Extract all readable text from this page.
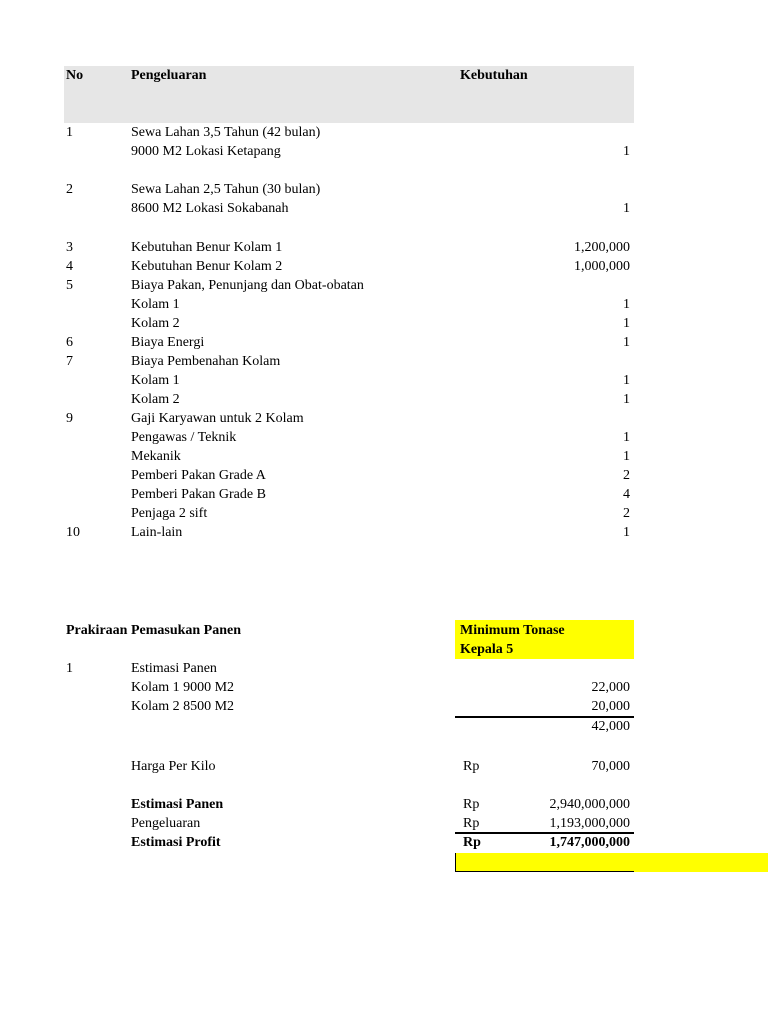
No	Pengeluaran	Kebutuhan
1	Sewa Lahan 3,5 Tahun (42 bulan)
9000 M2 Lokasi Ketapang	1
2	Sewa Lahan 2,5 Tahun (30 bulan)
8600 M2 Lokasi Sokabanah	1
3	Kebutuhan Benur Kolam 1	1,200,000
4	Kebutuhan Benur Kolam 2	1,000,000
5	Biaya Pakan, Penunjang dan Obat-obatan
Kolam 1	1
Kolam 2	1
6	Biaya Energi	1
7	Biaya Pembenahan Kolam
Kolam 1	1
Kolam 2	1
9	Gaji Karyawan untuk 2 Kolam
Pengawas / Teknik	1
Mekanik	1
Pemberi Pakan Grade A	2
Pemberi Pakan Grade B	4
Penjaga 2 sift	2
10	Lain-lain	1
Prakiraan Pemasukan Panen	Minimum Tonase
Kepala 5
1	Estimasi Panen
Kolam 1 9000 M2	22,000
Kolam 2 8500 M2	20,000
42,000
Harga Per Kilo	Rp	70,000
Estimasi Panen	Rp	2,940,000,000
Pengeluaran	Rp	1,193,000,000
Estimasi Profit	Rp	1,747,000,000
